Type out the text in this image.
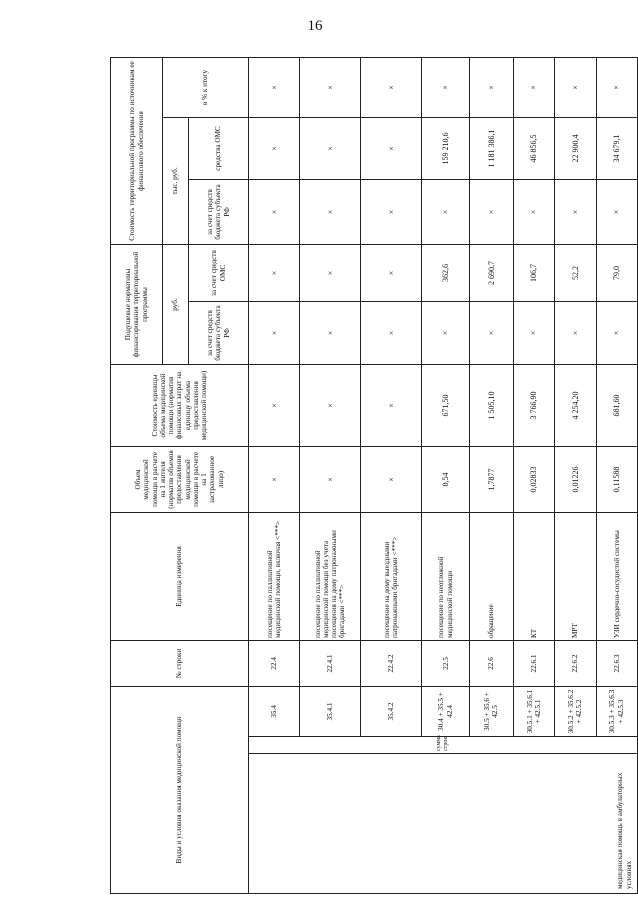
16
Виды и условия оказания медицинской помощи			№ строки	Единица измерения	Объем медицинской помощи в расчете на 1 жителя (норматив объемов предоставления медицинской помощи в расчете на 1 застрахованное лицо)	Стоимость единицы объема медицинской помощи (норматив финансовых затрат на единицу объема предоставления медицинской помощи)	Подушевые нормативы финансирования территориальной программы		Стоимость территориальной программы по источникам ее финансового обеспечения		
							руб.		тыс. руб.		в % к итогу
							за счет средств бюджета субъекта РФ	за счет средств ОМС	за счет средств бюджета субъекта РФ	средства ОМС	
медицинская помощь в амбулаторных условиях	сумма строк	35.4	22.4	посещение по паллиативной медицинской помощи, включая <***>	×	×	×	×	×	×	×
		35.4.1	22.4.1	посещение по паллиативной медицинской помощи без учета посещения на дому патронажными бригадами <***>	×	×	×	×	×	×	×
		35.4.2	22.4.2	посещение на дому выездными патронажными бригадами <***>	×	×	×	×	×	×	×
		30.4 + 35.5 + 42.4	22.5	посещение по неотложной медицинской помощи	0,54	671,50	×	362,6	×	159 210,6	×
		30.5 + 35.6 + 42.5	22.6	обращение	1,7877	1 505,10	×	2 690,7	×	1 181 386,1	×
		30.5.1 + 35.6.1 + 42.5.1	22.6.1	КТ	0,02833	3 766,90	×	106,7	×	46 856,5	×
		30.5.2 + 35.6.2 + 42.5.2	22.6.2	МРТ	0,01226	4 254,20	×	52,2	×	22 900,4	×
		30.5.3 + 35.6.3 + 42.5.3	22.6.3	УЗИ сердечно-сосудистой системы	0,11588	681,60	×	79,0	×	34 679,1	×
